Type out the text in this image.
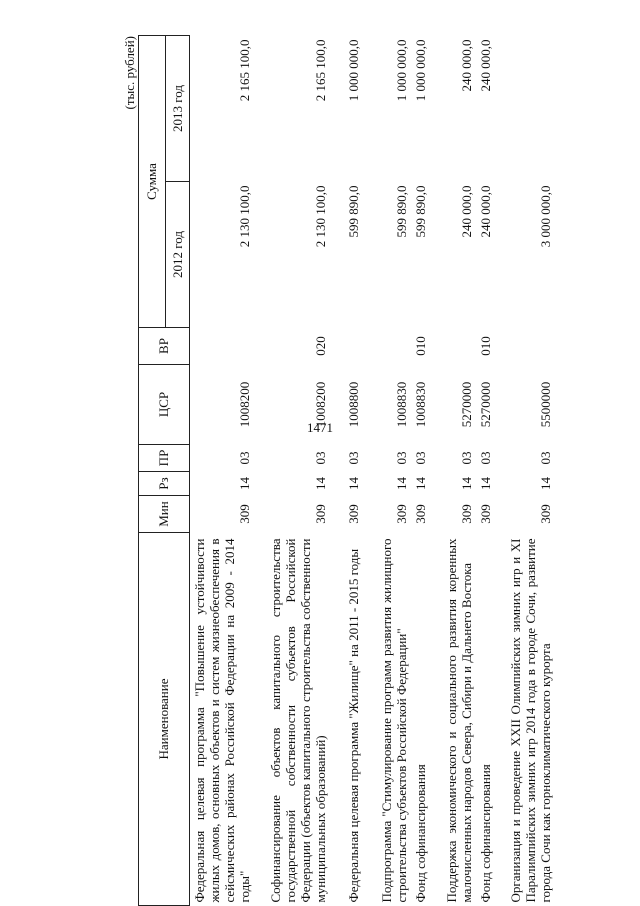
1471
(тыс. рублей)
Наименование	Мин	Рз	ПР	ЦСР	ВР	Сумма	
						2012 год	2013 год
Федеральная целевая программа "Повышение устойчивости жилых домов, основных объектов и систем жизнеобеспечения в сейсмических районах Российской Федерации на 2009 - 2014 годы"	309	14	03	1008200		2 130 100,0	2 165 100,0
Софинансирование объектов капитального строительства государственной собственности субъектов Российской Федерации (объектов капитального строительства собственности муниципальных образований)	309	14	03	1008200	020	2 130 100,0	2 165 100,0
Федеральная целевая программа "Жилище" на 2011 - 2015 годы	309	14	03	1008800		599 890,0	1 000 000,0
Подпрограмма "Стимулирование программ развития жилищного строительства субъектов Российской Федерации"	309	14	03	1008830		599 890,0	1 000 000,0
Фонд софинансирования	309	14	03	1008830	010	599 890,0	1 000 000,0
Поддержка экономического и социального развития коренных малочисленных народов Севера, Сибири и Дальнего Востока	309	14	03	5270000		240 000,0	240 000,0
Фонд софинансирования	309	14	03	5270000	010	240 000,0	240 000,0
Организация и проведение XXII Олимпийских зимних игр и XI Паралимпийских зимних игр 2014 года в городе Сочи, развитие города Сочи как горноклиматического курорта	309	14	03	5500000		3 000 000,0	
